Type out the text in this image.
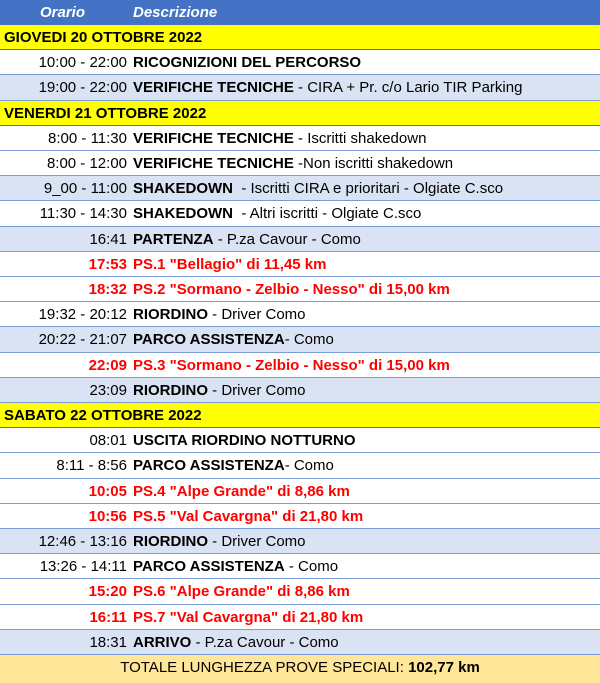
Orario	Descrizione
GIOVEDI 20 OTTOBRE 2022
10:00 - 22:00 RICOGNIZIONI DEL PERCORSO
19:00 - 22:00 VERIFICHE TECNICHE - CIRA + Pr. c/o Lario TIR Parking
VENERDI 21 OTTOBRE 2022
8:00 - 11:30 VERIFICHE TECNICHE - Iscritti shakedown
8:00 - 12:00 VERIFICHE TECNICHE -Non iscritti shakedown
9_00 - 11:00 SHAKEDOWN  - Iscritti CIRA e prioritari - Olgiate C.sco
11:30 - 14:30 SHAKEDOWN  - Altri iscritti - Olgiate C.sco
16:41 PARTENZA - P.za Cavour - Como
17:53 PS.1 "Bellagio" di 11,45 km
18:32 PS.2 "Sormano - Zelbio - Nesso" di 15,00 km
19:32 - 20:12 RIORDINO - Driver Como
20:22 - 21:07 PARCO ASSISTENZA- Como
22:09 PS.3 "Sormano - Zelbio - Nesso" di 15,00 km
23:09 RIORDINO - Driver Como
SABATO 22 OTTOBRE 2022
08:01 USCITA RIORDINO NOTTURNO
8:11 - 8:56 PARCO ASSISTENZA- Como
10:05 PS.4 "Alpe Grande" di 8,86 km
10:56 PS.5 "Val Cavargna" di 21,80 km
12:46 - 13:16 RIORDINO - Driver Como
13:26 - 14:11 PARCO ASSISTENZA - Como
15:20 PS.6 "Alpe Grande" di 8,86 km
16:11 PS.7 "Val Cavargna" di 21,80 km
18:31 ARRIVO - P.za Cavour - Como
TOTALE LUNGHEZZA PROVE SPECIALI: 102,77 km
